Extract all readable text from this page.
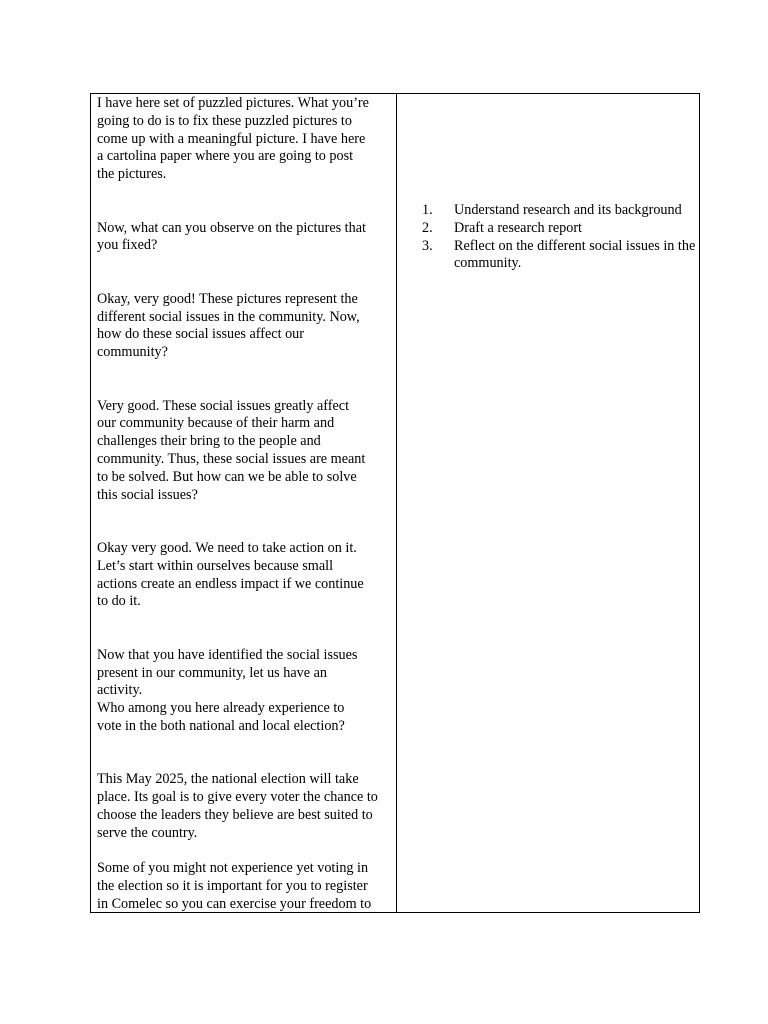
I have here set of puzzled pictures. What you’re
going to do is to fix these puzzled pictures to
come up with a meaningful picture. I have here
a cartolina paper where you are going to post
the pictures.

Now, what can you observe on the pictures that
you fixed?

Okay, very good! These pictures represent the
different social issues in the community. Now,
how do these social issues affect our
community?

Very good. These social issues greatly affect
our community because of their harm and
challenges their bring to the people and
community. Thus, these social issues are meant
to be solved. But how can we be able to solve
this social issues?

Okay very good. We need to take action on it.
Let’s start within ourselves because small
actions create an endless impact if we continue
to do it.

Now that you have identified the social issues
present in our community, let us have an
activity.
Who among you here already experience to
vote in the both national and local election?

This May 2025, the national election will take
place. Its goal is to give every voter the chance to
choose the leaders they believe are best suited to
serve the country.

Some of you might not experience yet voting in
the election so it is important for you to register
in Comelec so you can exercise your freedom to

1.	Understand research and its background
2.	Draft a research report
3.	Reflect on the different social issues in the community.
